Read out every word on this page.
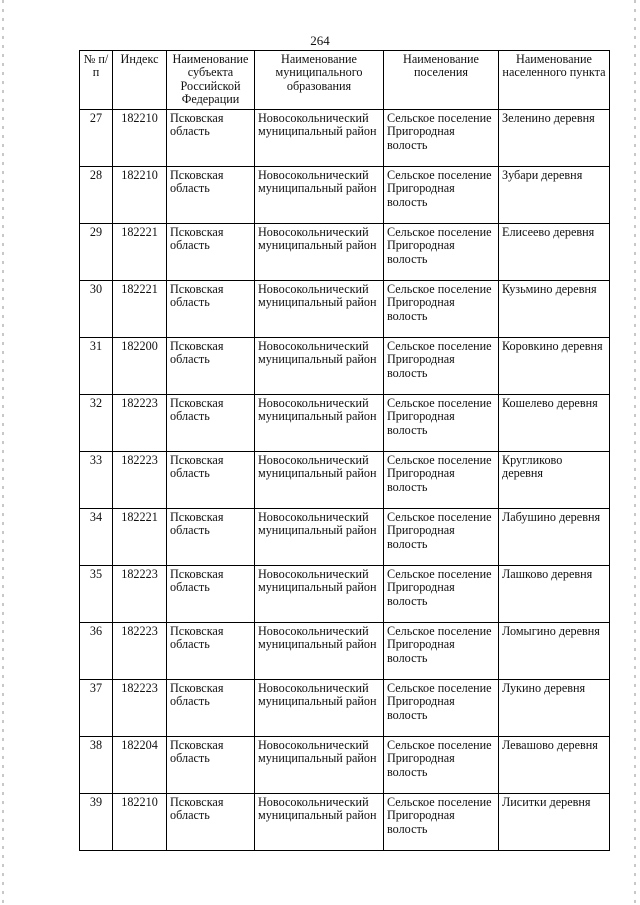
264
№ п/п	Индекс	Наименование субъекта Российской Федерации	Наименование муниципального образования	Наименование поселения	Наименование населенного пункта
27	182210	Псковская область	Новосокольнический муниципальный район	Сельское поселение Пригородная волость	Зеленино деревня
28	182210	Псковская область	Новосокольнический муниципальный район	Сельское поселение Пригородная волость	Зубари деревня
29	182221	Псковская область	Новосокольнический муниципальный район	Сельское поселение Пригородная волость	Елисеево деревня
30	182221	Псковская область	Новосокольнический муниципальный район	Сельское поселение Пригородная волость	Кузьмино деревня
31	182200	Псковская область	Новосокольнический муниципальный район	Сельское поселение Пригородная волость	Коровкино деревня
32	182223	Псковская область	Новосокольнический муниципальный район	Сельское поселение Пригородная волость	Кошелево деревня
33	182223	Псковская область	Новосокольнический муниципальный район	Сельское поселение Пригородная волость	Кругликово деревня
34	182221	Псковская область	Новосокольнический муниципальный район	Сельское поселение Пригородная волость	Лабушино деревня
35	182223	Псковская область	Новосокольнический муниципальный район	Сельское поселение Пригородная волость	Лашково деревня
36	182223	Псковская область	Новосокольнический муниципальный район	Сельское поселение Пригородная волость	Ломыгино деревня
37	182223	Псковская область	Новосокольнический муниципальный район	Сельское поселение Пригородная волость	Лукино деревня
38	182204	Псковская область	Новосокольнический муниципальный район	Сельское поселение Пригородная волость	Левашово деревня
39	182210	Псковская область	Новосокольнический муниципальный район	Сельское поселение Пригородная волость	Лиситки деревня
